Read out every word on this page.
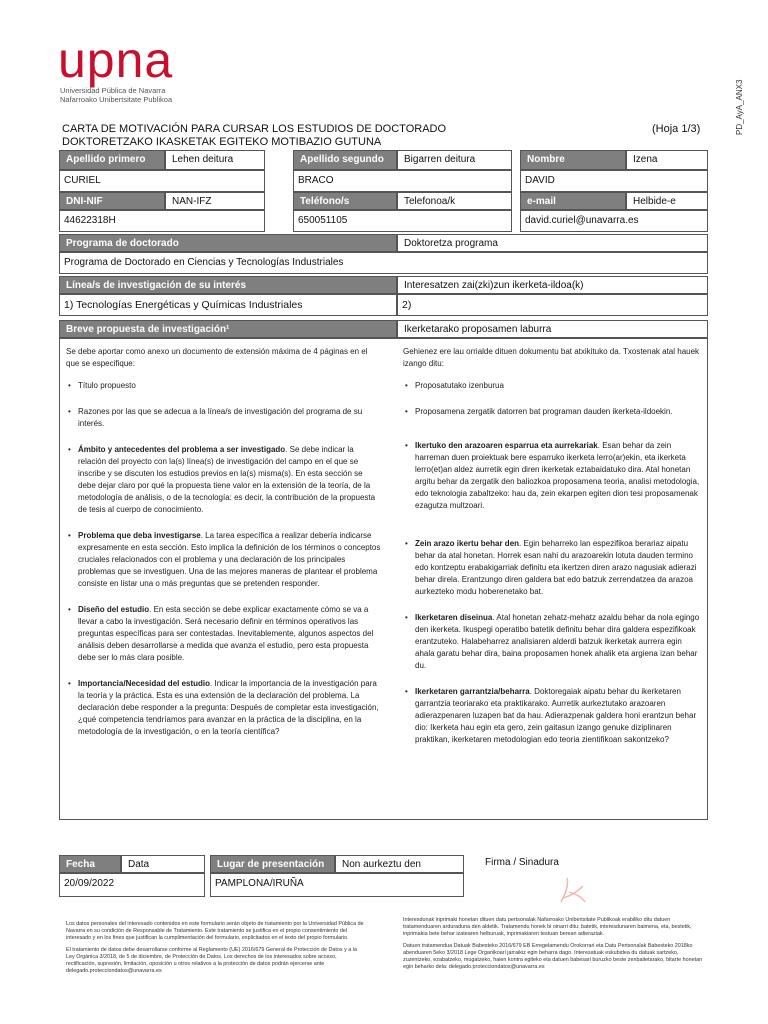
upna
Universidad Pública de Navarra
Nafarroako Unibertsitate Publikoa	PD_AyA_ANX3
CARTA DE MOTIVACIÓN PARA CURSAR LOS ESTUDIOS DE DOCTORADO
DOKTORETZAKO IKASKETAK EGITEKO MOTIBAZIO GUTUNA
(Hoja 1/3)
Apellido primero	Lehen deitura	Apellido segundo	Bigarren deitura	Nombre	Izena
CURIEL	BRACO	DAVID
DNI-NIF	NAN-IFZ	Teléfono/s	Telefonoa/k	e-mail	Helbide-e
44622318H	650051105	david.curiel@unavarra.es
Programa de doctorado	Doktoretza programa
Programa de Doctorado en Ciencias y Tecnologías Industriales
Línea/s de investigación de su interés	Interesatzen zai(zki)zun ikerketa-ildoa(k)
1) Tecnologías Energéticas y Químicas Industriales	2)
Breve propuesta de investigación¹	Ikerketarako proposamen laburra

Se debe aportar como anexo un documento de extensión máxima de 4 páginas en el que se especifique:

• Título propuesto
• Razones por las que se adecua a la línea/s de investigación del programa de su interés.
• Ámbito y antecedentes del problema a ser investigado. Se debe indicar la relación del proyecto con la(s) línea(s) de investigación del campo en el que se inscribe y se discuten los estudios previos en la(s) misma(s). En esta sección se debe dejar claro por qué la propuesta tiene valor en la extensión de la teoría, de la metodología de análisis, o de la tecnología: es decir, la contribución de la propuesta de tesis al cuerpo de conocimiento.
• Problema que deba investigarse. La tarea específica a realizar debería indicarse expresamente en esta sección. Esto implica la definición de los términos o conceptos cruciales relacionados con el problema y una declaración de los principales problemas que se investiguen. Una de las mejores maneras de plantear el problema consiste en listar una o más preguntas que se pretenden responder.
• Diseño del estudio. En esta sección se debe explicar exactamente cómo se va a llevar a cabo la investigación. Será necesario definir en términos operativos las preguntas específicas para ser contestadas. Inevitablemente, algunos aspectos del análisis deben desarrollarse a medida que avanza el estudio, pero esta propuesta debe ser lo más clara posible.
• Importancia/Necesidad del estudio. Indicar la importancia de la investigación para la teoría y la práctica. Esta es una extensión de la declaración del problema. La declaración debe responder a la pregunta: Después de completar esta investigación, ¿qué competencia tendríamos para avanzar en la práctica de la disciplina, en la metodología de la investigación, o en la teoría científica?

Gehienez ere lau orrialde dituen dokumentu bat atxikituko da. Txostenak atal hauek izango ditu:

• Proposatutako izenburua
• Proposamena zergatik datorren bat programan dauden ikerketa-ildoekin.
• Ikertuko den arazoaren esparrua eta aurrekariak. Esan behar da zein harreman duen proiektuak bere esparruko ikerketa lerro(ar)ekin, eta ikerketa lerro(et)an aldez aurretik egin diren ikerketak eztabaidatuko dira. Atal honetan argitu behar da zergatik den baliozkoa proposamena teoria, analisi metodologia, edo teknologia zabaltzeko: hau da, zein ekarpen egiten dion tesi proposamenak ezagutza multzoari.
• Zein arazo ikertu behar den. Egin beharreko lan espezifikoa berariaz aipatu behar da atal honetan. Horrek esan nahi du arazoarekin lotuta dauden termino edo kontzeptu erabakigarriak definitu eta ikertzen diren arazo nagusiak adierazi behar direla. Erantzungo diren galdera bat edo batzuk zerrendatzea da arazoa aurkezteko modu hoberenetako bat.
• Ikerketaren diseinua. Atal honetan zehatz-mehatz azaldu behar da nola egingo den ikerketa. Ikuspegi operatibo batetik definitu behar dira galdera espezifikoak erantzuteko. Halabeharrez analisiaren alderdi batzuk ikerketak aurrera egin ahala garatu behar dira, baina proposamen honek ahalik eta argiena izan behar du.
• Ikerketaren garrantzia/beharra. Doktoregaiak aipatu behar du ikerketaren garrantzia teoriarako eta praktikarako. Aurretik aurkeztutako arazoaren adierazpenaren luzapen bat da hau. Adierazpenak galdera honi erantzun behar dio: Ikerketa hau egin eta gero, zein gaitasun izango genuke diziplinaren praktikan, ikerketaren metodologian edo teoria zientifikoan sakontzeko?
Fecha	Data
20/09/2022
Lugar de presentación	Non aurkeztu den
PAMPLONA/IRUÑA
Firma / Sinadura

Los datos personales del interesado contenidos en este formulario serán objeto de tratamiento por la Universidad Pública de Navarra en su condición de Responsable de Tratamiento. Este tratamiento se justifica en el propio consentimiento del interesado y en los fines que justifican la cumplimentación del formulario, explicitados en el texto del propio formulario.

El tratamiento de datos debe desarrollarse conforme al Reglamento (UE) 2016/679 General de Protección de Datos y a la Ley Orgánica 3/2018, de 5 de diciembre, de Protección de Datos. Los derechos de los interesados sobre acceso, rectificación, supresión, limitación, oposición u otros relativos a la protección de datos podrán ejercerse ante delegado.protecciondatos@unavarra.es

Interesdunak inprimaki honetan dituen datu pertsonalak Nafarroako Unibertsitate Publikoak erabiliko ditu datuen tratamenduaren arduraduna den aldetik. Tratamendu honek bi oinarri ditu: batetik, interesdunaren baimena, eta, bestetik, inprimakia bete behar izatearen helburuak, inprimakiaren testuan berean adieraziak.

Datuen tratamendua Datuak Babesteko 2016/679 EB Erregelamendu Orokorrari eta Datu Pertsonalak Babesteko 2018ko abenduaren 5eko 3/2018 Lege Organikoari jarraikiz egin beharra dago. Interesatuak eskubidea du datuak sartzeko, zuzentzeko, ezabatzeko, mugatzeko, haien kontra egiteko eta datuen babesari buruzko beste zenbaitetarako, bitarte honetan egin beharko dela: delegado.protecciondatos@unavarra.es
